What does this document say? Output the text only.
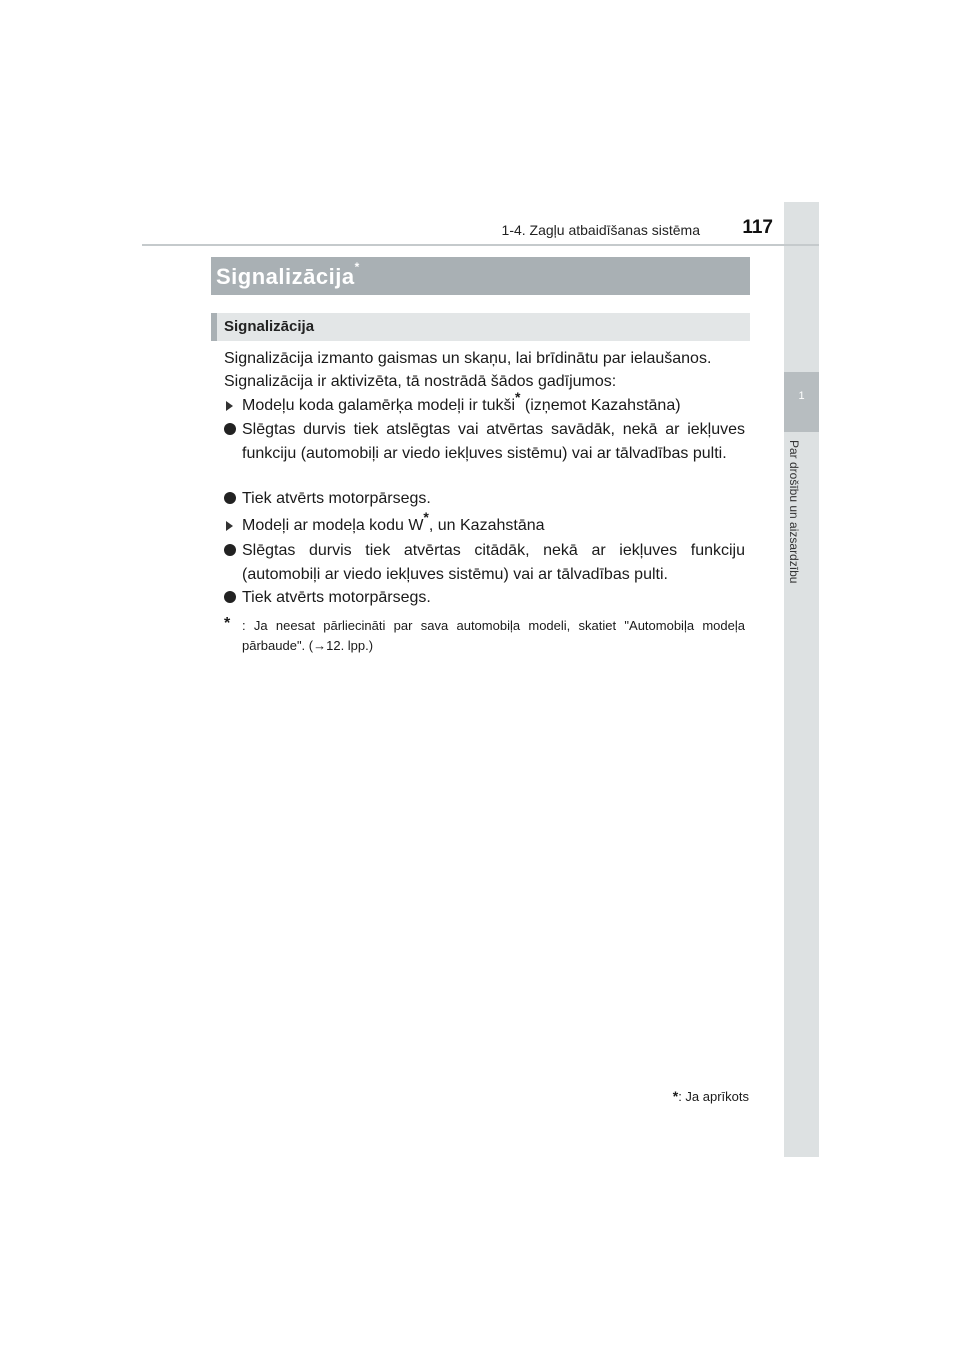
1
Par drošību un aizsardzību
1-4. Zagļu atbaidīšanas sistēma	117
Signalizācija*
Signalizācija

Signalizācija izmanto gaismas un skaņu, lai brīdinātu par ielaušanos.

Signalizācija ir aktivizēta, tā nostrādā šādos gadījumos:

Modeļu koda galamērķa modeļi ir tukši* (izņemot Kazahstāna)
Slēgtas durvis tiek atslēgtas vai atvērtas savādāk, nekā ar iekļuves funkciju (automobiļi ar viedo iekļuves sistēmu) vai ar tālvadības pulti.
Tiek atvērts motorpārsegs.
Modeļi ar modeļa kodu W*, un Kazahstāna
Slēgtas durvis tiek atvērtas citādāk, nekā ar iekļuves funkciju (automobiļi ar viedo iekļuves sistēmu) vai ar tālvadības pulti.
Tiek atvērts motorpārsegs.
* : Ja neesat pārliecināti par sava automobiļa modeli, skatiet "Automobiļa modeļa pārbaude". (→12. lpp.)
*: Ja aprīkots
